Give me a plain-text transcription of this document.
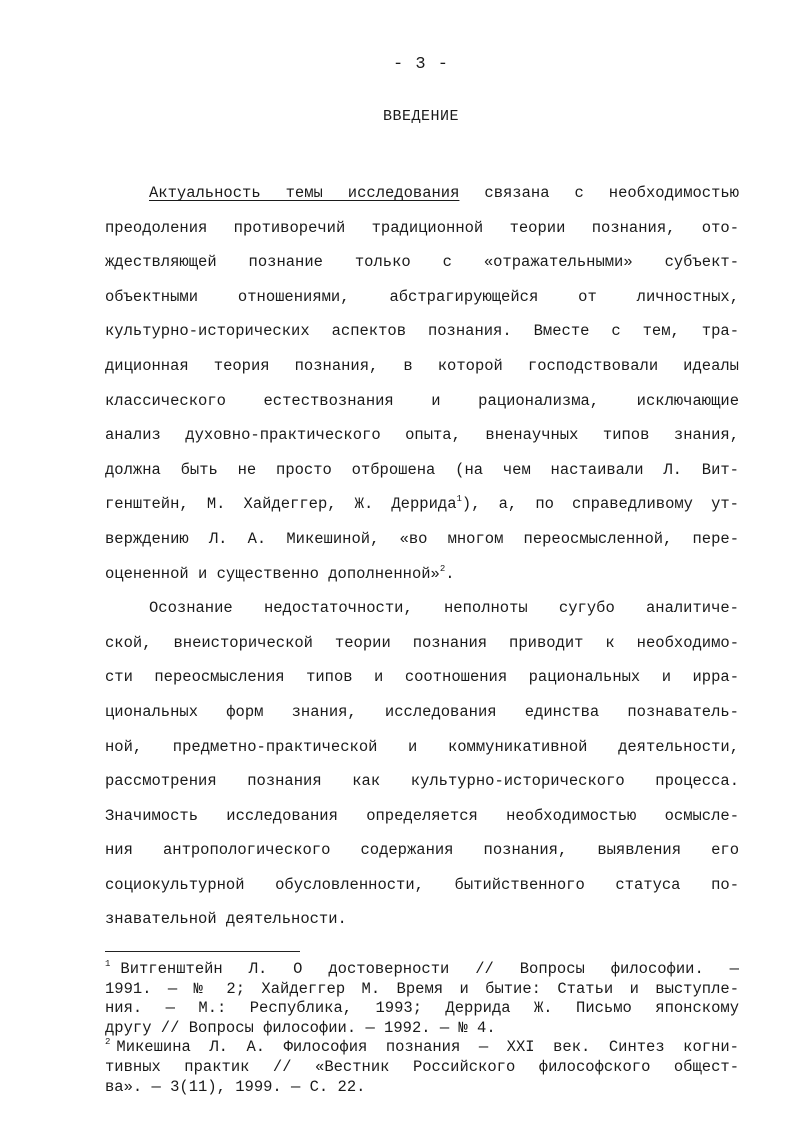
- 3 -
ВВЕДЕНИЕ
Актуальность темы исследования связана с необходимостью
преодоления противоречий традиционной теории познания, ото-
ждествляющей познание только с «отражательными» субъект-
объектными отношениями, абстрагирующейся от личностных,
культурно-исторических аспектов познания. Вместе с тем, тра-
диционная теория познания, в которой господствовали идеалы
классического естествознания и рационализма, исключающие
анализ духовно-практического опыта, вненаучных типов знания,
должна быть не просто отброшена (на чем настаивали Л. Вит-
генштейн, М. Хайдеггер, Ж. Деррида$^1$), а, по справедливому ут-
верждению Л. А. Микешиной, «во многом переосмысленной, пере-
оцененной и существенно дополненной»$^2$.
Осознание недостаточности, неполноты сугубо аналитиче-
ской, внеисторической теории познания приводит к необходимо-
сти переосмысления типов и соотношения рациональных и ирра-
циональных форм знания, исследования единства познаватель-
ной, предметно-практической и коммуникативной деятельности,
рассмотрения познания как культурно-исторического процесса.
Значимость исследования определяется необходимостью осмысле-
ния антропологического содержания познания, выявления его
социокультурной обусловленности, бытийственного статуса по-
знавательной деятельности.
$^1$ Витгенштейн Л. О достоверности // Вопросы философии. —
1991. — № 2; Хайдеггер М. Время и бытие: Статьи и выступле-
ния. — М.: Республика, 1993; Деррида Ж. Письмо японскому
другу // Вопросы философии. — 1992. — № 4.
$^2$ Микешина Л. А. Философия познания — XXI век. Синтез когни-
тивных практик // «Вестник Российского философского общест-
ва». — 3(11), 1999. — С. 22.
